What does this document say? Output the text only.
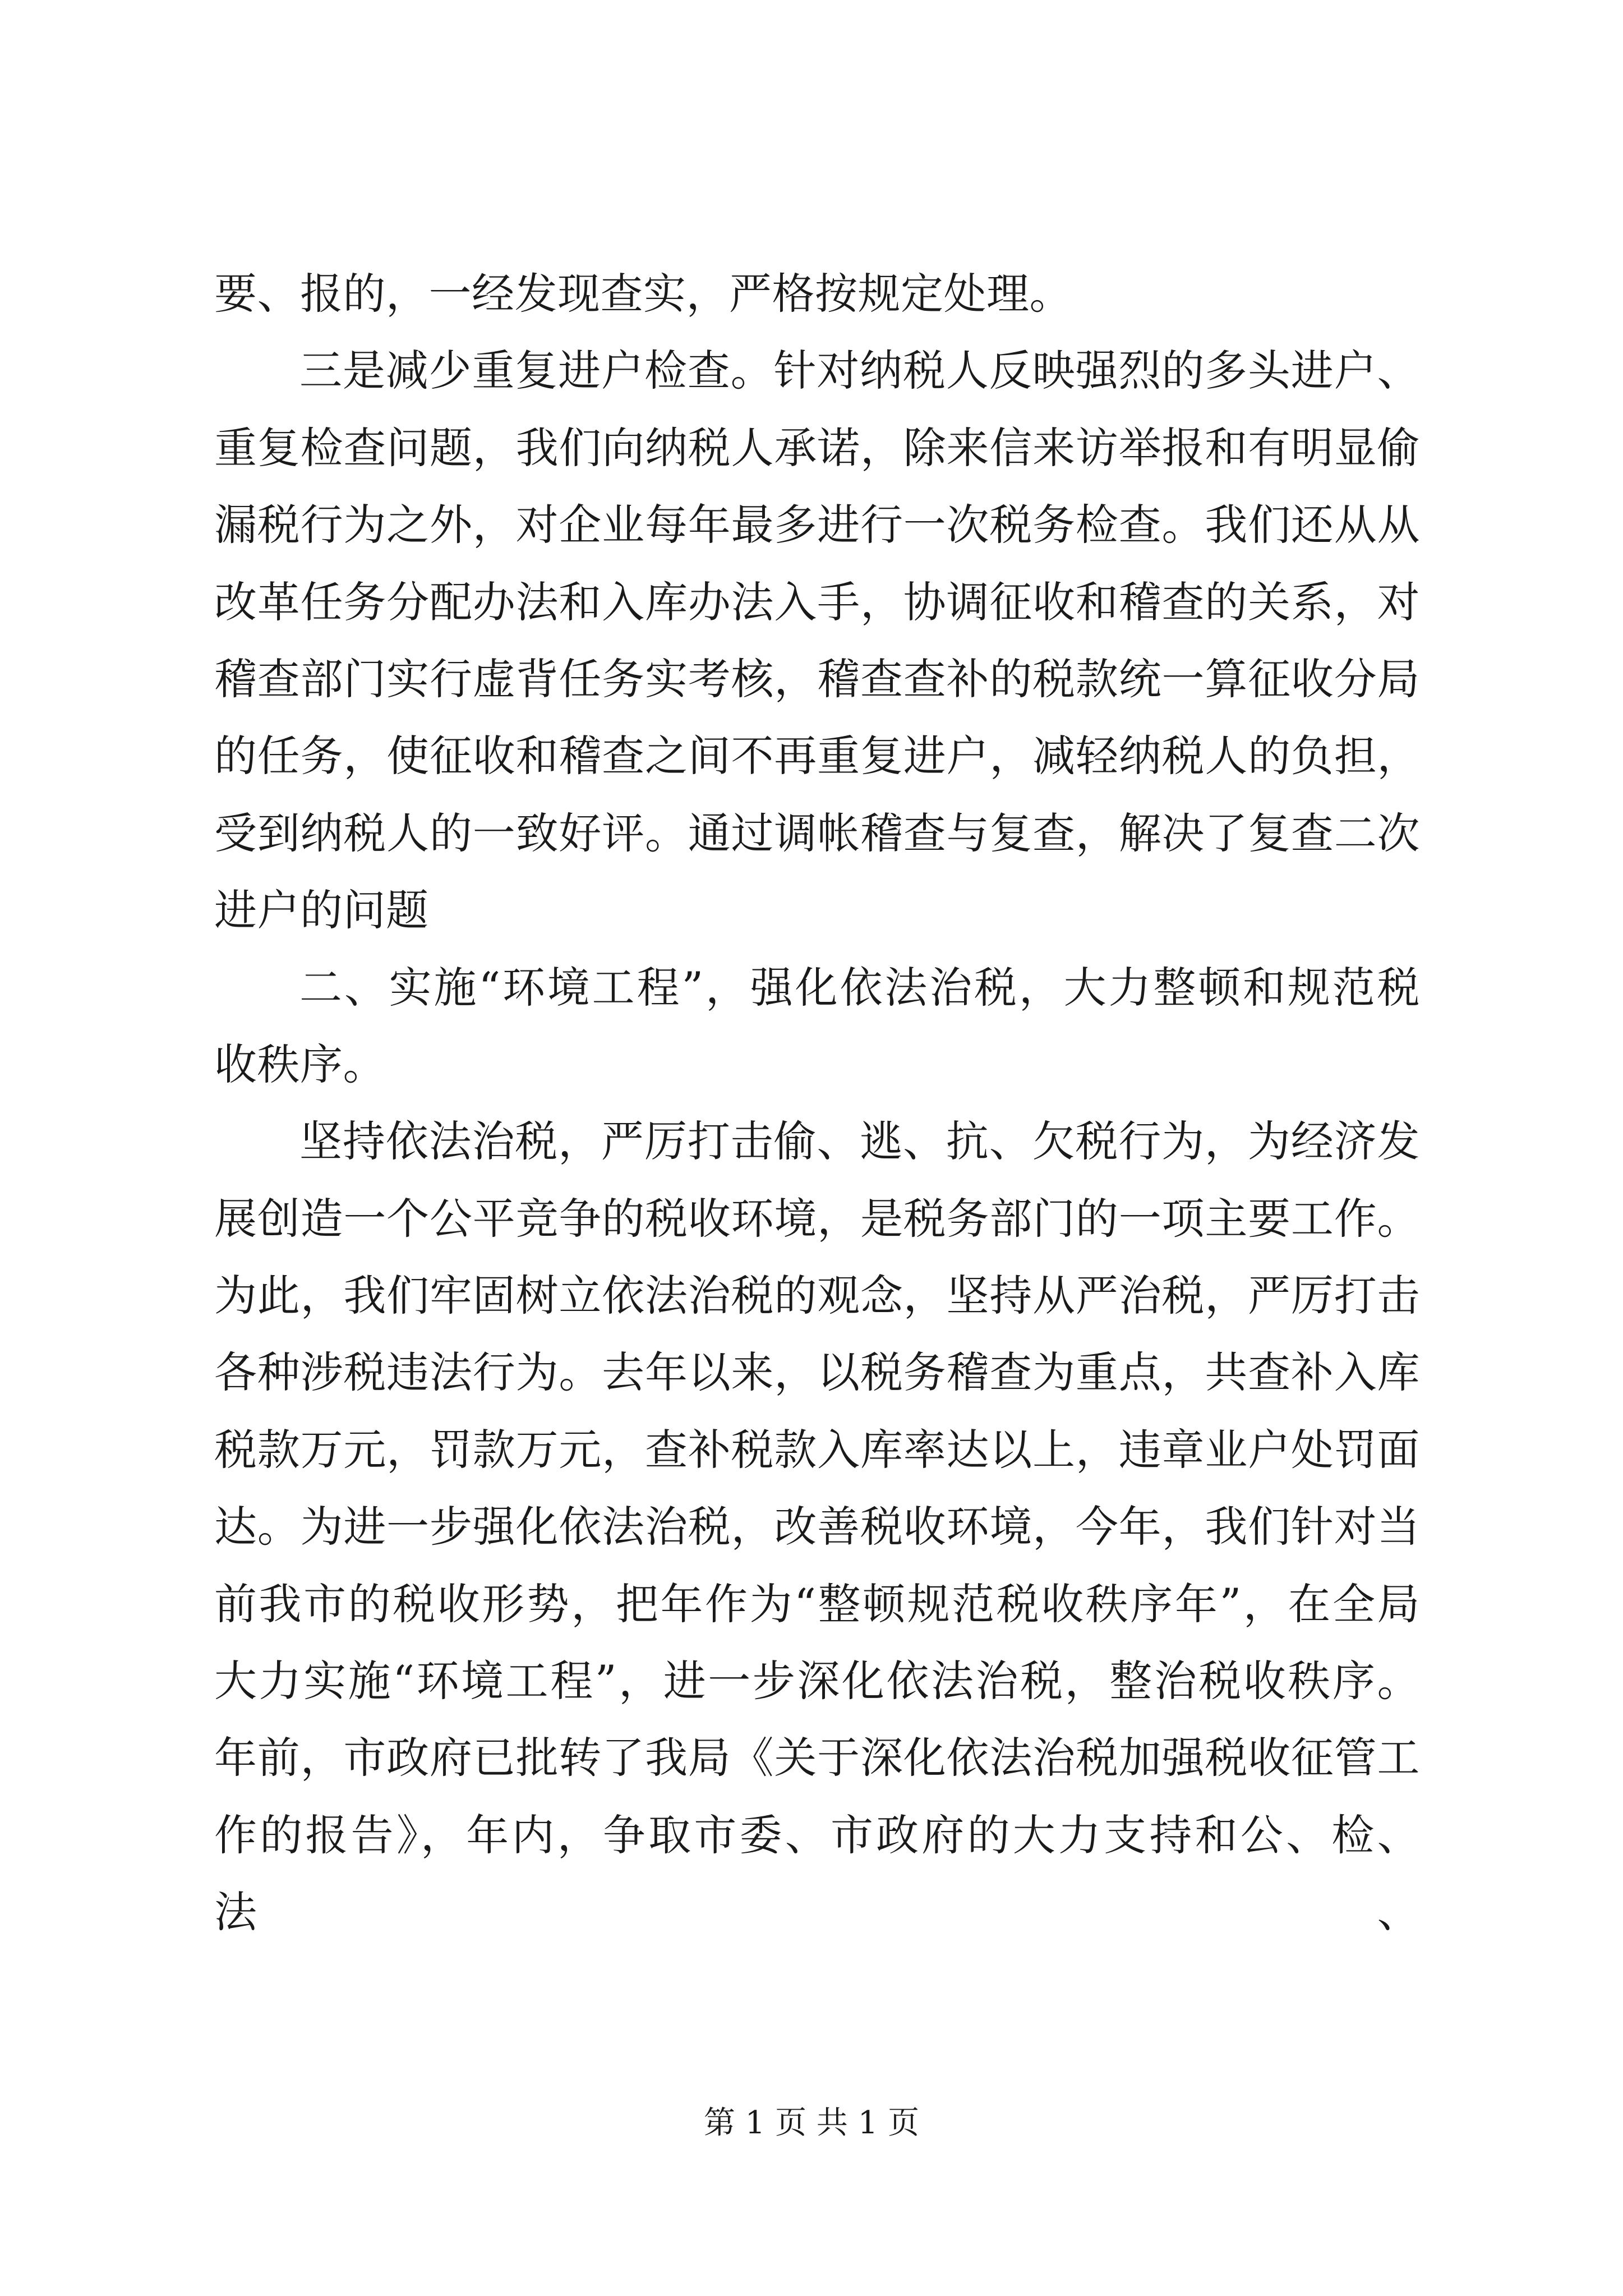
要、报的，一经发现查实，严格按规定处理。
三是减少重复进户检查。针对纳税人反映强烈的多头进户、
重复检查问题，我们向纳税人承诺，除来信来访举报和有明显偷
漏税行为之外，对企业每年最多进行一次税务检查。我们还从从
改革任务分配办法和入库办法入手，协调征收和稽查的关系，对
稽查部门实行虚背任务实考核，稽查查补的税款统一算征收分局
的任务，使征收和稽查之间不再重复进户，减轻纳税人的负担，
受到纳税人的一致好评。通过调帐稽查与复查，解决了复查二次
进户的问题
二、实施“环境工程”，强化依法治税，大力整顿和规范税
收秩序。
坚持依法治税，严厉打击偷、逃、抗、欠税行为，为经济发
展创造一个公平竞争的税收环境，是税务部门的一项主要工作。
为此，我们牢固树立依法治税的观念，坚持从严治税，严厉打击
各种涉税违法行为。去年以来，以税务稽查为重点，共查补入库
税款万元，罚款万元，查补税款入库率达以上，违章业户处罚面
达。为进一步强化依法治税，改善税收环境，今年，我们针对当
前我市的税收形势，把年作为“整顿规范税收秩序年”，在全局
大力实施“环境工程”，进一步深化依法治税，整治税收秩序。
年前，市政府已批转了我局《关于深化依法治税加强税收征管工
作的报告》，年内，争取市委、市政府的大力支持和公、检、法、
第 1 页 共 1 页
